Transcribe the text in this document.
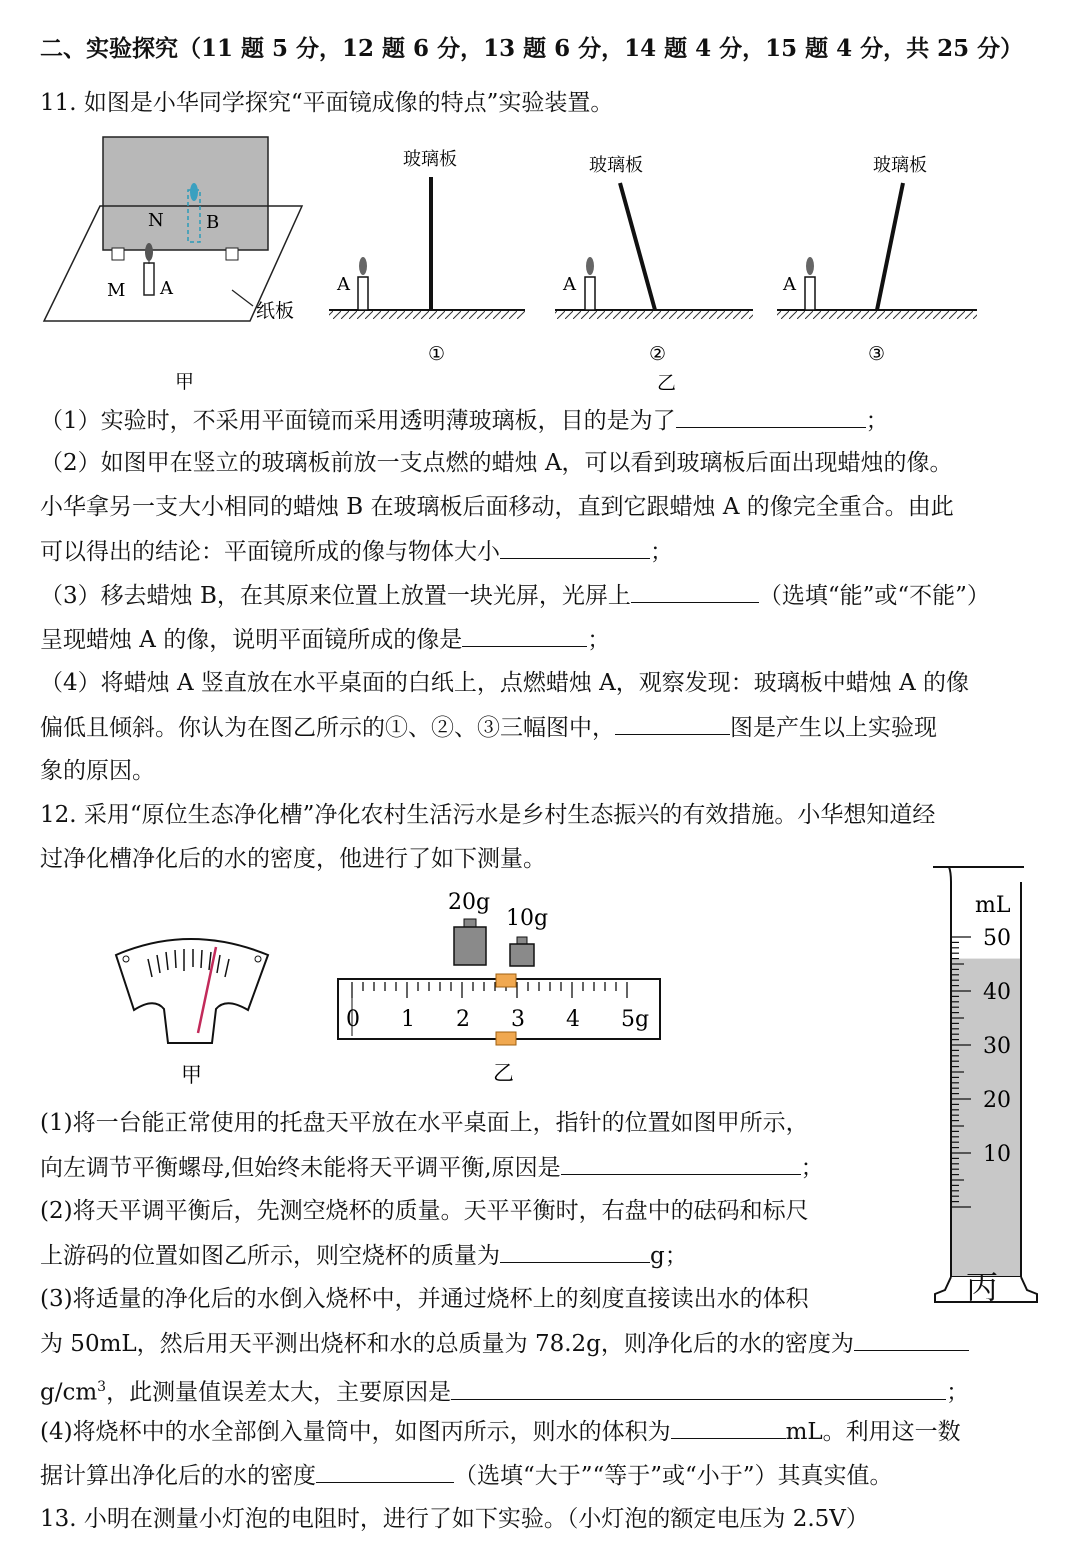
二、实验探究（11 题 5 分，12 题 6 分，13 题 6 分，14 题 4 分，15 题 4 分，共 25 分）
11. 如图是小华同学探究“平面镜成像的特点”实验装置。
N B
M A
纸板
甲
玻璃板
A
①
玻璃板
A
②
乙
玻璃板
A
③
（1）实验时，不采用平面镜而采用透明薄玻璃板，目的是为了	；
（2）如图甲在竖立的玻璃板前放一支点燃的蜡烛 A，可以看到玻璃板后面出现蜡烛的像。
小华拿另一支大小相同的蜡烛 B 在玻璃板后面移动，直到它跟蜡烛 A 的像完全重合。由此
可以得出的结论：平面镜所成的像与物体大小	；
（3）移去蜡烛 B，在其原来位置上放置一块光屏，光屏上	（选填“能”或“不能”）
呈现蜡烛 A 的像，说明平面镜所成的像是	；
（4）将蜡烛 A 竖直放在水平桌面的白纸上，点燃蜡烛 A，观察发现：玻璃板中蜡烛 A 的像
偏低且倾斜。你认为在图乙所示的①、②、③三幅图中，	图是产生以上实验现
象的原因。
12. 采用“原位生态净化槽”净化农村生活污水是乡村生态振兴的有效措施。小华想知道经
过净化槽净化后的水的密度，他进行了如下测量。
甲
20g
10g
0 1 2 3 4 5g
乙
50
40
30
20
10
mL
丙
(1)将一台能正常使用的托盘天平放在水平桌面上，指针的位置如图甲所示，
向左调节平衡螺母,但始终未能将天平调平衡,原因是	；
(2)将天平调平衡后，先测空烧杯的质量。天平平衡时，右盘中的砝码和标尺
上游码的位置如图乙所示，则空烧杯的质量为	g；
(3)将适量的净化后的水倒入烧杯中，并通过烧杯上的刻度直接读出水的体积
为 50mL，然后用天平测出烧杯和水的总质量为 78.2g，则净化后的水的密度为
$g/cm^3$，此测量值误差太大，主要原因是	；
(4)将烧杯中的水全部倒入量筒中，如图丙所示，则水的体积为	mL。利用这一数
据计算出净化后的水的密度	（选填“大于”“等于”或“小于”）其真实值。
13. 小明在测量小灯泡的电阻时，进行了如下实验。（小灯泡的额定电压为 2.5V）
